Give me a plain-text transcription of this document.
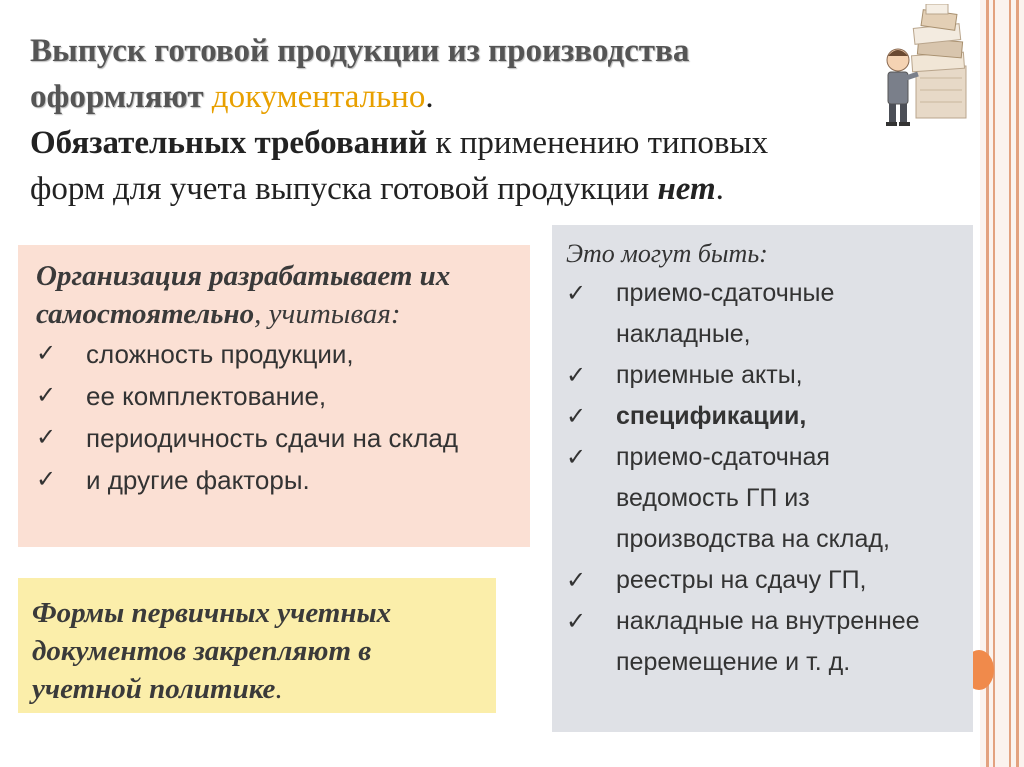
Выпуск готовой продукции из производства
оформляют документально.
Обязательных требований к применению типовых
форм для учета выпуска готовой продукции нет.
Организация разрабатывает их самостоятельно, учитывая:
✓	сложность продукции,
✓	ее комплектование,
✓	периодичность сдачи на склад
✓	и другие факторы.
Формы первичных учетных документов закрепляют в учетной политике.
Это могут быть:
✓	приемо-сдаточные накладные,
✓	приемные акты,
✓	спецификации,
✓	приемо-сдаточная ведомость ГП из производства на склад,
✓	реестры на сдачу ГП,
✓	накладные на внутреннее перемещение и т. д.
